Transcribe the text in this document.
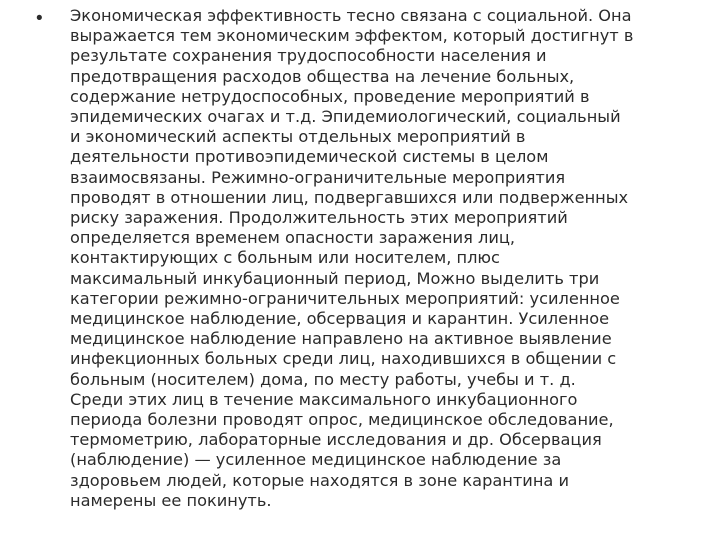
• Экономическая эффективность тесно связана с социальной. Она
выражается тем экономическим эффектом, который достигнут в
результате сохранения трудоспособности населения и
предотвращения расходов общества на лечение больных,
содержание нетрудоспособных, проведение мероприятий в
эпидемических очагах и т.д. Эпидемиологический, социальный
и экономический аспекты отдельных мероприятий в
деятельности противоэпидемической системы в целом
взаимосвязаны. Режимно-ограничительные мероприятия
проводят в отношении лиц, подвергавшихся или подверженных
риску заражения. Продолжительность этих мероприятий
определяется временем опасности заражения лиц,
контактирующих с больным или носителем, плюс
максимальный инкубационный период, Можно выделить три
категории режимно-ограничительных мероприятий: усиленное
медицинское наблюдение, обсервация и карантин. Усиленное
медицинское наблюдение направлено на активное выявление
инфекционных больных среди лиц, находившихся в общении с
больным (носителем) дома, по месту работы, учебы и т. д.
Среди этих лиц в течение максимального инкубационного
периода болезни проводят опрос, медицинское обследование,
термометрию, лабораторные исследования и др. Обсервация
(наблюдение) — усиленное медицинское наблюдение за
здоровьем людей, которые находятся в зоне карантина и
намерены ее покинуть.
